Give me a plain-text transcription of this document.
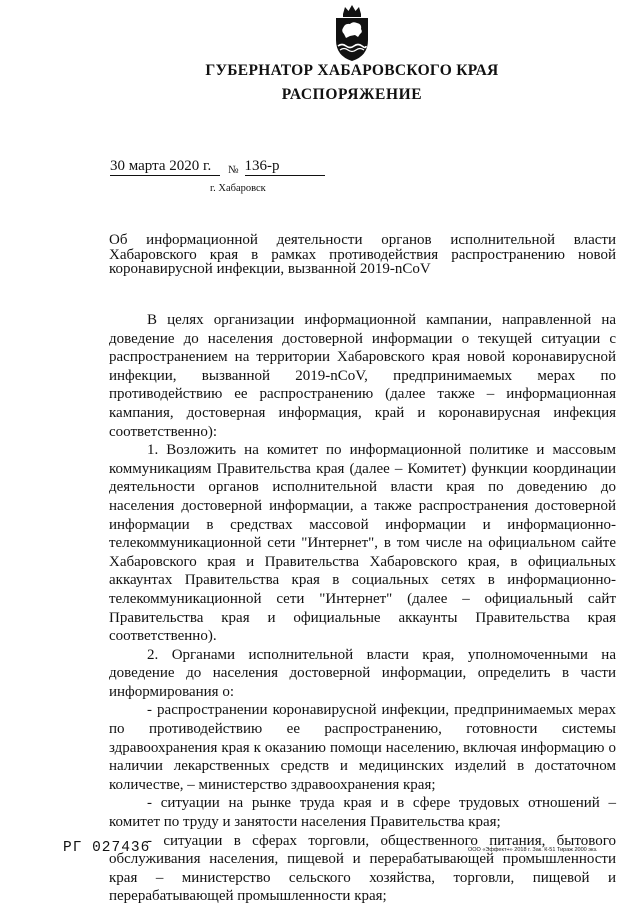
ГУБЕРНАТОР ХАБАРОВСКОГО КРАЯ
РАСПОРЯЖЕНИЕ
30 марта 2020 г. № 136-р
г. Хабаровск
Об информационной деятельности органов исполнительной власти Хабаровского края в рамках противодействия распространению новой коронавирусной инфекции, вызванной 2019-nCoV

В целях организации информационной кампании, направленной на доведение до населения достоверной информации о текущей ситуации с распространением на территории Хабаровского края новой коронавирусной инфекции, вызванной 2019-nCoV, предпринимаемых мерах по противодействию ее распространению (далее также – информационная кампания, достоверная информация, край и коронавирусная инфекция соответственно):

1. Возложить на комитет по информационной политике и массовым коммуникациям Правительства края (далее – Комитет) функции координации деятельности органов исполнительной власти края по доведению до населения достоверной информации, а также распространения достоверной информации в средствах массовой информации и информационно-телекоммуникационной сети "Интернет", в том числе на официальном сайте Хабаровского края и Правительства Хабаровского края, в официальных аккаунтах Правительства края в социальных сетях в информационно-телекоммуникационной сети "Интернет" (далее – официальный сайт Правительства края и официальные аккаунты Правительства края соответственно).

2. Органами исполнительной власти края, уполномоченными на доведение до населения достоверной информации, определить в части информирования о:

- распространении коронавирусной инфекции, предпринимаемых мерах по противодействию ее распространению, готовности системы здравоохранения края к оказанию помощи населению, включая информацию о наличии лекарственных средств и медицинских изделий в достаточном количестве, – министерство здравоохранения края;

- ситуации на рынке труда края и в сфере трудовых отношений – комитет по труду и занятости населения Правительства края;

- ситуации в сферах торговли, общественного питания, бытового обслуживания населения, пищевой и перерабатывающей промышленности края – министерство сельского хозяйства, торговли, пищевой и перерабатывающей промышленности края;

РГ 027436	ООО «Эффект+» 2018 г. Зак. К-51 Тираж 2000 экз.
